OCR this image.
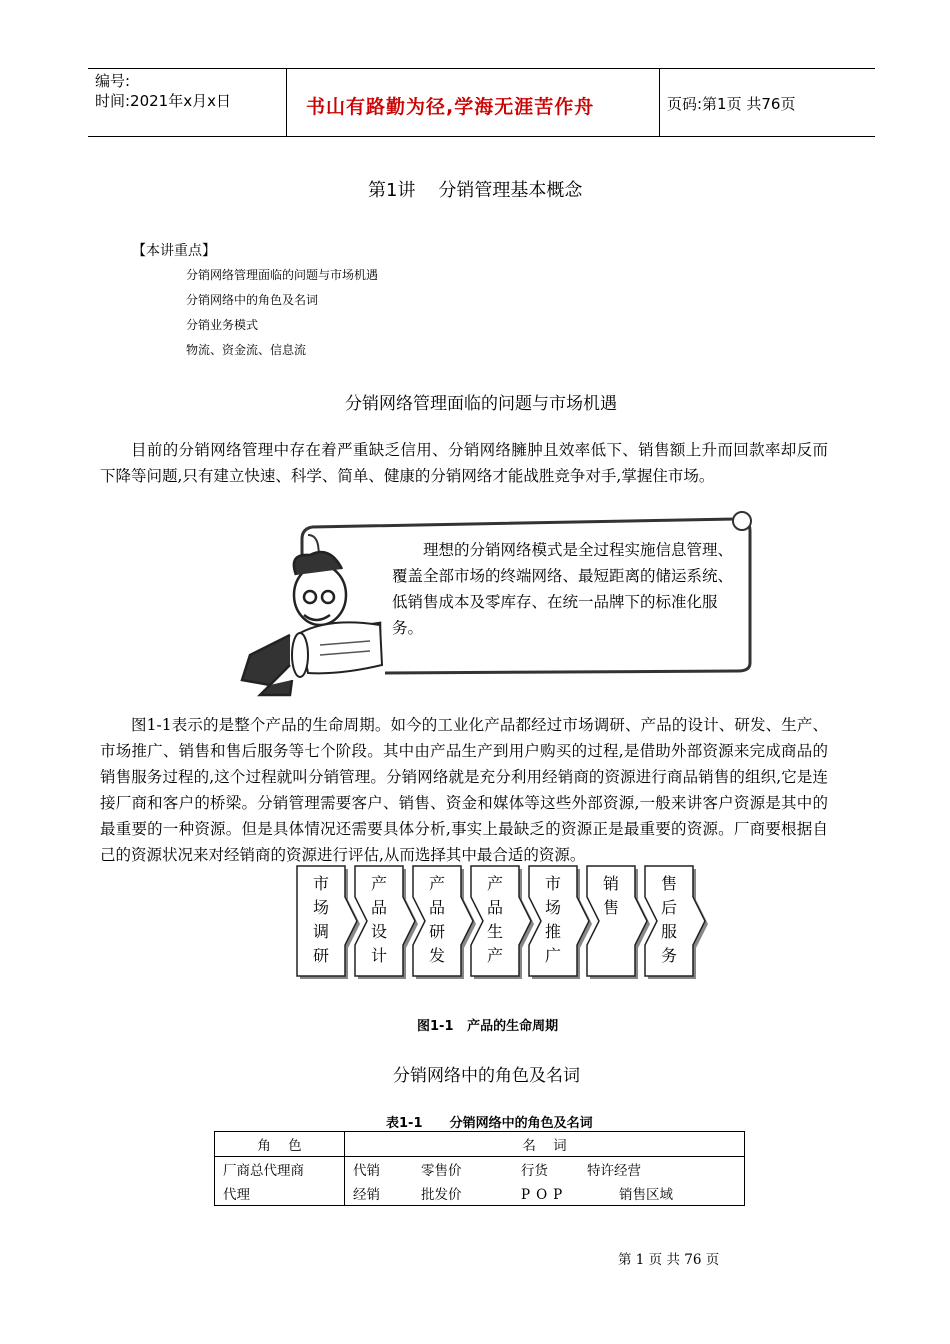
编号:
时间:2021年x月x日	书山有路勤为径,学海无涯苦作舟	页码:第1页 共76页
第1讲    分销管理基本概念
【本讲重点】
分销网络管理面临的问题与市场机遇
分销网络中的角色及名词
分销业务模式
物流、资金流、信息流
分销网络管理面临的问题与市场机遇
目前的分销网络管理中存在着严重缺乏信用、分销网络臃肿且效率低下、销售额上升而回款率却反而下降等问题,只有建立快速、科学、简单、健康的分销网络才能战胜竞争对手,掌握住市场。
理想的分销网络模式是全过程实施信息管理、覆盖全部市场的终端网络、最短距离的储运系统、低销售成本及零库存、在统一品牌下的标准化服务。
图1-1表示的是整个产品的生命周期。如今的工业化产品都经过市场调研、产品的设计、研发、生产、市场推广、销售和售后服务等七个阶段。其中由产品生产到用户购买的过程,是借助外部资源来完成商品的销售服务过程的,这个过程就叫分销管理。分销网络就是充分利用经销商的资源进行商品销售的组织,它是连接厂商和客户的桥梁。分销管理需要客户、销售、资金和媒体等这些外部资源,一般来讲客户资源是其中的最重要的一种资源。但是具体情况还需要具体分析,事实上最缺乏的资源正是最重要的资源。厂商要根据自己的资源状况来对经销商的资源进行评估,从而选择其中最合适的资源。
市场调研
产品设计
产品研发
产品生产
市场推广
销售
售后服务
图1-1   产品的生命周期
分销网络中的角色及名词
表1-1      分销网络中的角色及名词
角    色	名    词
厂商总代理商	代销 零售价 行货 特许经营
代理	经销 批发价 POP 销售区域
第 1 页 共 76 页
